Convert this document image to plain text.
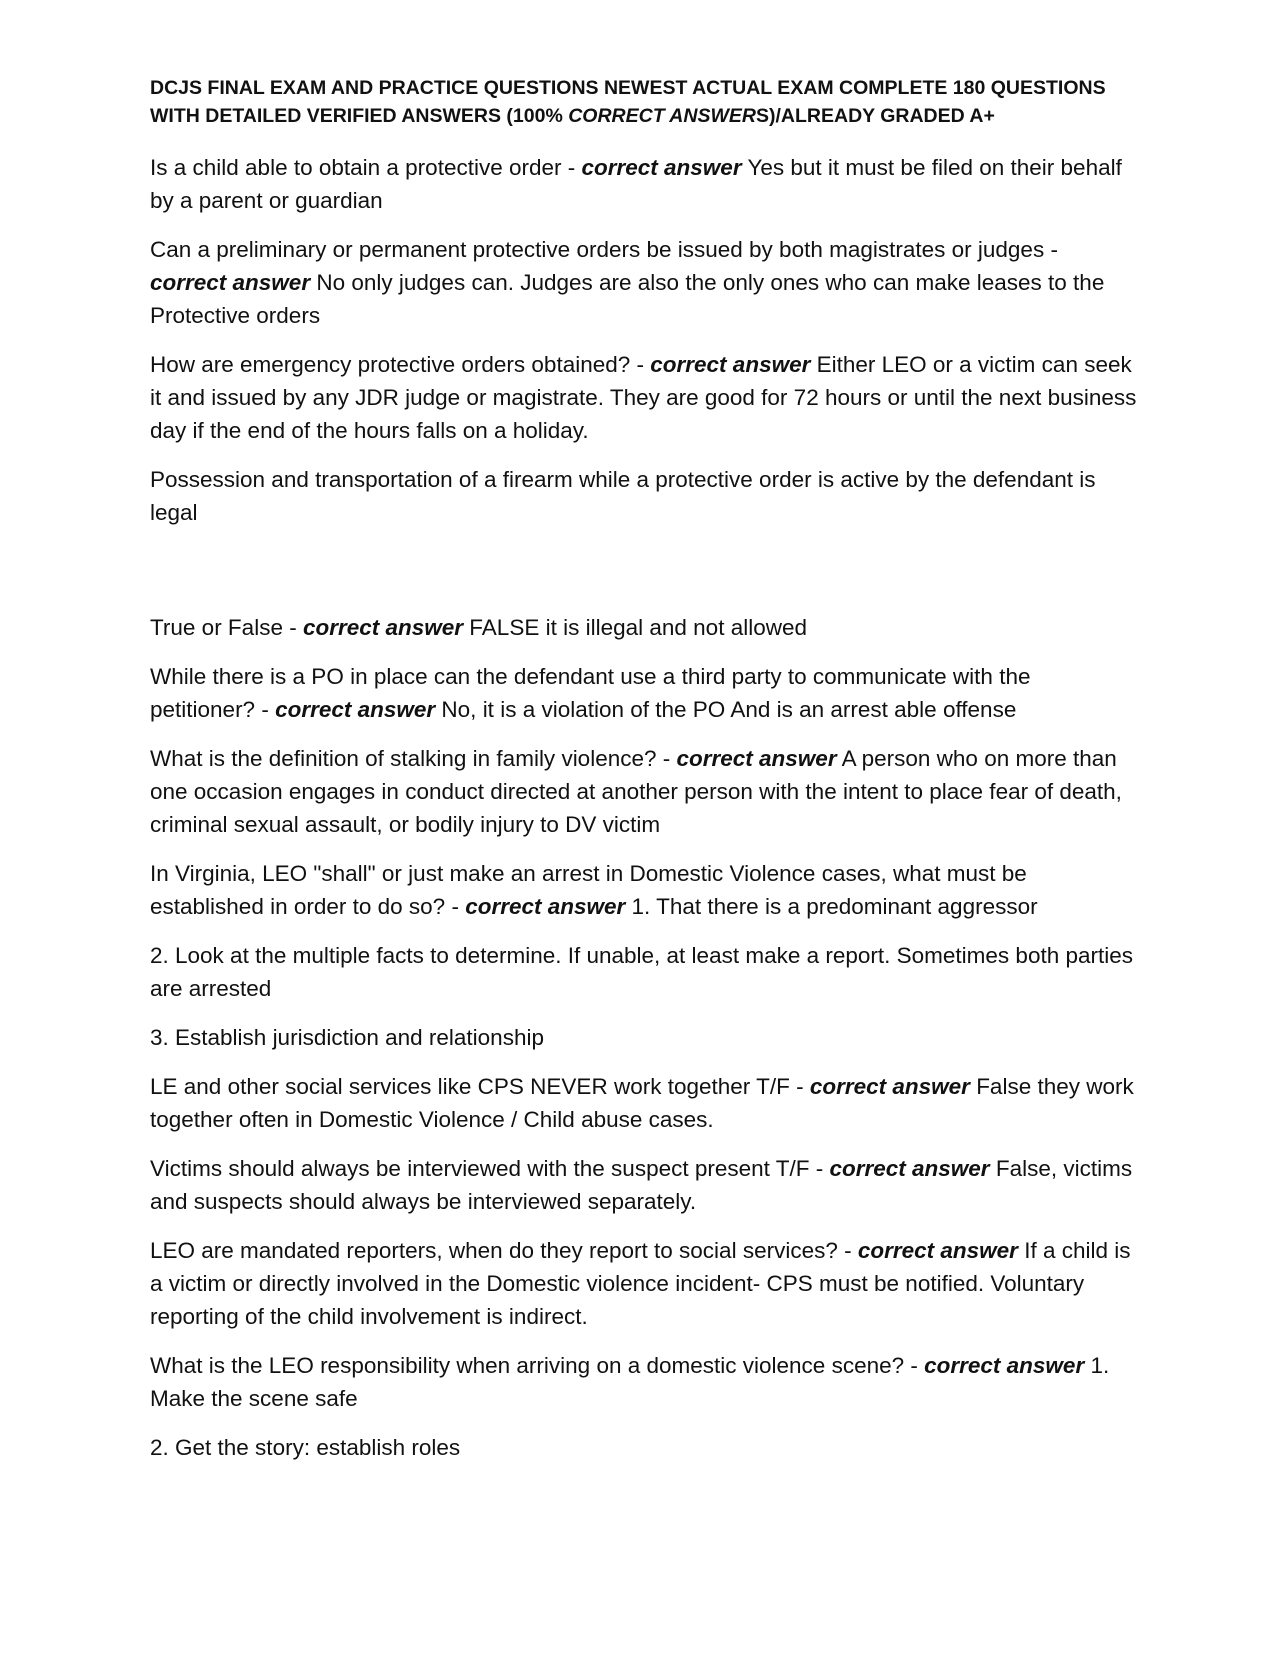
DCJS FINAL EXAM AND PRACTICE QUESTIONS NEWEST ACTUAL EXAM COMPLETE 180 QUESTIONS WITH DETAILED VERIFIED ANSWERS (100% CORRECT ANSWERS)/ALREADY GRADED A+

Is a child able to obtain a protective order - correct answer Yes but it must be filed on their behalf by a parent or guardian

Can a preliminary or permanent protective orders be issued by both magistrates or judges - correct answer No only judges can. Judges are also the only ones who can make leases to the Protective orders

How are emergency protective orders obtained? - correct answer Either LEO or a victim can seek it and issued by any JDR judge or magistrate. They are good for 72 hours or until the next business day if the end of the hours falls on a holiday.

Possession and transportation of a firearm while a protective order is active by the defendant is legal

True or False - correct answer FALSE it is illegal and not allowed

While there is a PO in place can the defendant use a third party to communicate with the petitioner? - correct answer No, it is a violation of the PO And is an arrest able offense

What is the definition of stalking in family violence? - correct answer A person who on more than one occasion engages in conduct directed at another person with the intent to place fear of death, criminal sexual assault, or bodily injury to DV victim

In Virginia, LEO "shall" or just make an arrest in Domestic Violence cases, what must be established in order to do so? - correct answer 1. That there is a predominant aggressor

2. Look at the multiple facts to determine. If unable, at least make a report. Sometimes both parties are arrested

3. Establish jurisdiction and relationship

LE and other social services like CPS NEVER work together T/F - correct answer False they work together often in Domestic Violence / Child abuse cases.

Victims should always be interviewed with the suspect present T/F - correct answer False, victims and suspects should always be interviewed separately.

LEO are mandated reporters, when do they report to social services? - correct answer If a child is a victim or directly involved in the Domestic violence incident- CPS must be notified. Voluntary reporting of the child involvement is indirect.

What is the LEO responsibility when arriving on a domestic violence scene? - correct answer 1. Make the scene safe

2. Get the story: establish roles
